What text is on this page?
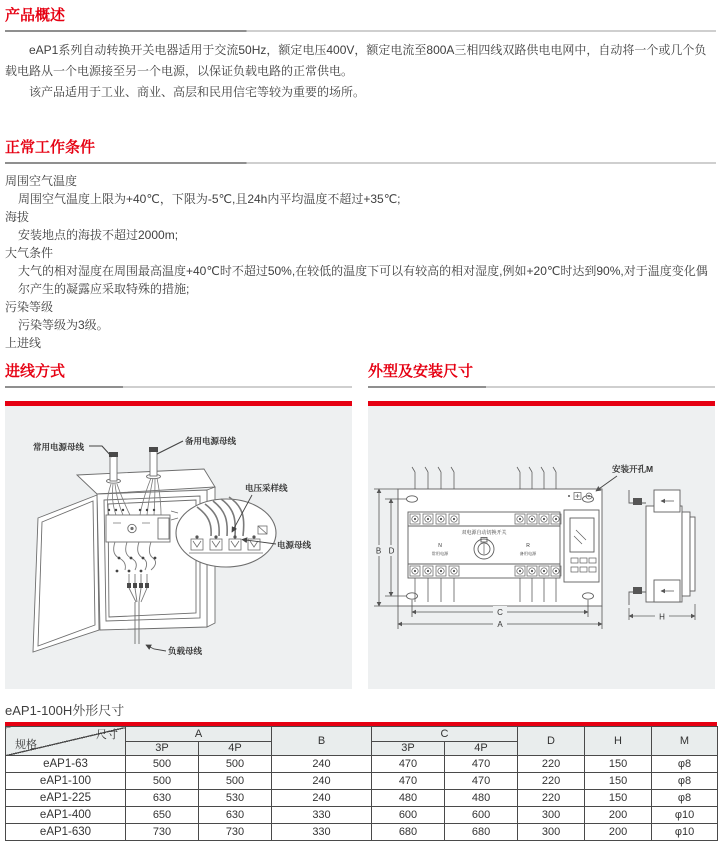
产品概述

eAP1系列自动转换开关电器适用于交流50Hz，额定电压400V，额定电流至800A三相四线双路供电电网中，自动将一个或几个负载电路从一个电源接至另一个电源，以保证负载电路的正常供电。

该产品适用于工业、商业、高层和民用信宅等较为重要的场所。

正常工作条件

周围空气温度

周围空气温度上限为+40℃，下限为-5℃,且24h内平均温度不超过+35℃;

海拔

安装地点的海拔不超过2000m;

大气条件

大气的相对湿度在周围最高温度+40℃时不超过50%,在较低的温度下可以有较高的相对湿度,例如+20℃时达到90%,对于温度变化偶尔产生的凝露应采取特殊的措施;

污染等级

污染等级为3级。

上进线

进线方式
常用电源母线
备用电源母线
电压采样线
电源母线
负载母线
外型及安装尺寸
双电源自动切换开关
N
常用电源
R
备用电源
安装开孔M
B D
C
A
H

eAP1-100H外形尺寸

尺寸
规格	A		B	C		D	H	M
	3P	4P		3P	4P			
eAP1-63	500	500	240	470	470	220	150	φ8
eAP1-100	500	500	240	470	470	220	150	φ8
eAP1-225	630	530	240	480	480	220	150	φ8
eAP1-400	650	630	330	600	600	300	200	φ10
eAP1-630	730	730	330	680	680	300	200	φ10
